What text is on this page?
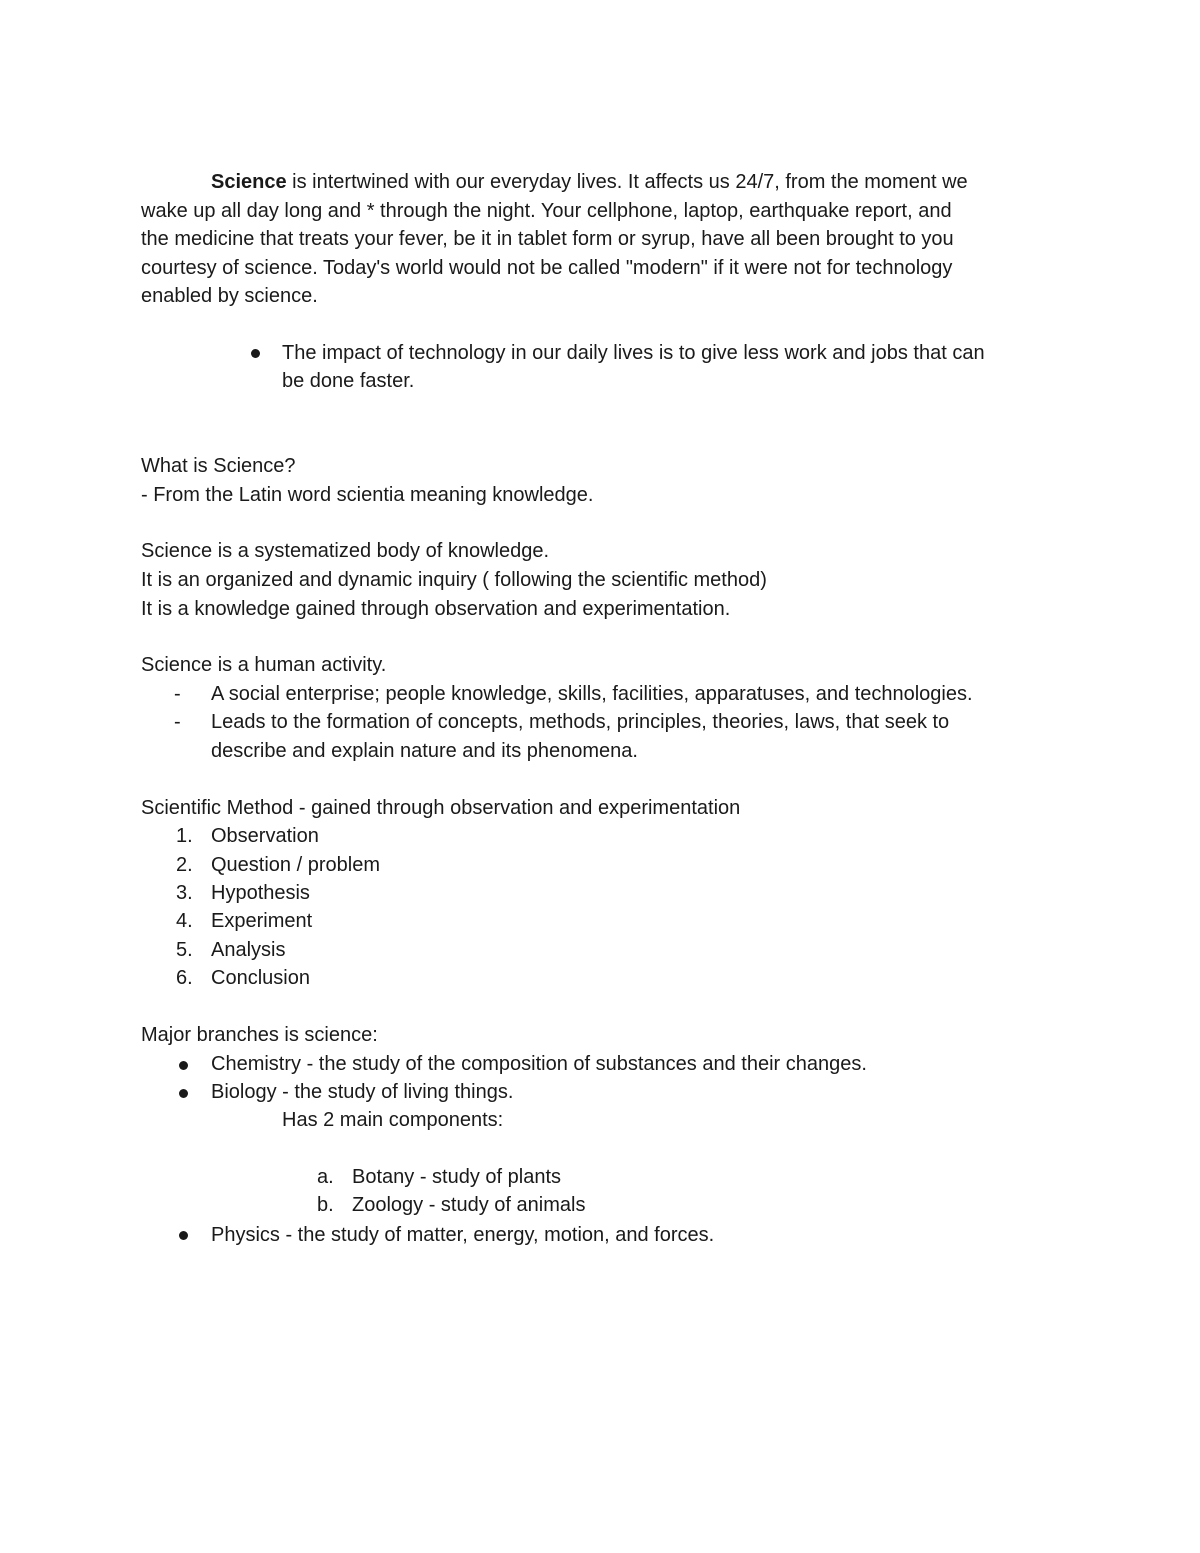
Science is intertwined with our everyday lives. It affects us 24/7, from the moment we
wake up all day long and * through the night. Your cellphone, laptop, earthquake report, and
the medicine that treats your fever, be it in tablet form or syrup, have all been brought to you
courtesy of science. Today's world would not be called "modern" if it were not for technology
enabled by science.
The impact of technology in our daily lives is to give less work and jobs that can
be done faster.
What is Science?
- From the Latin word scientia meaning knowledge.
Science is a systematized body of knowledge.
It is an organized and dynamic inquiry ( following the scientific method)
It is a knowledge gained through observation and experimentation.
Science is a human activity.
- A social enterprise; people knowledge, skills, facilities, apparatuses, and technologies.
- Leads to the formation of concepts, methods, principles, theories, laws, that seek to
describe and explain nature and its phenomena.
Scientific Method - gained through observation and experimentation
1. Observation
2. Question / problem
3. Hypothesis
4. Experiment
5. Analysis
6. Conclusion
Major branches is science:
Chemistry - the study of the composition of substances and their changes.
Biology - the study of living things.
Has 2 main components:
a. Botany - study of plants
b. Zoology - study of animals
Physics - the study of matter, energy, motion, and forces.
